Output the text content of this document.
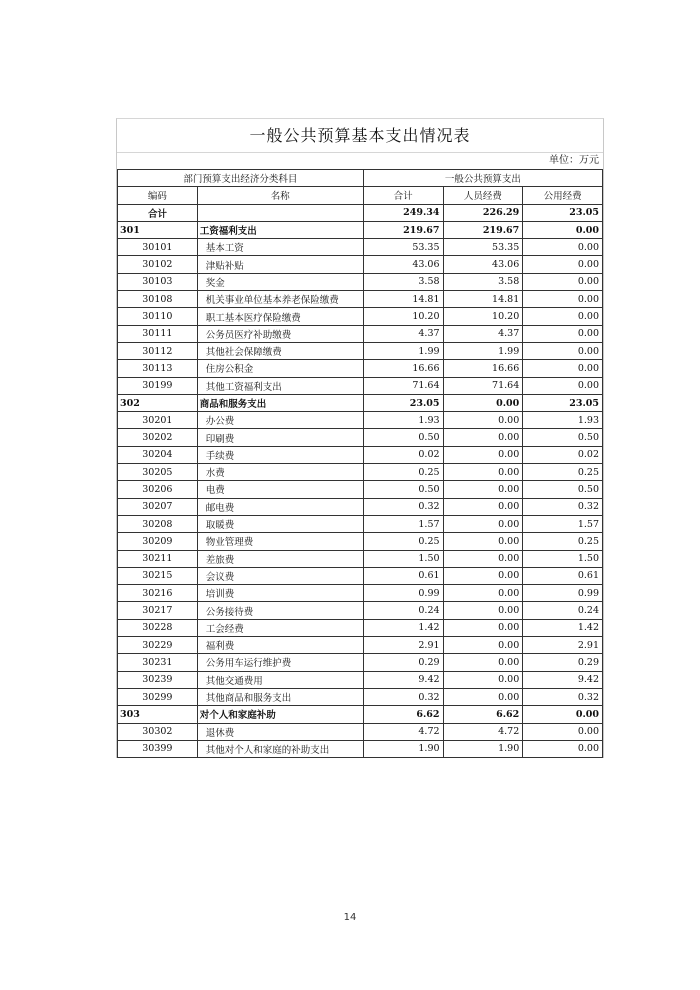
一般公共预算基本支出情况表
单位：万元
部门预算支出经济分类科目		一般公共预算支出		
编码	名称	合计	人员经费	公用经费
合计		249.34	226.29	23.05
301	工资福利支出	219.67	219.67	0.00
30101	基本工资	53.35	53.35	0.00
30102	津贴补贴	43.06	43.06	0.00
30103	奖金	3.58	3.58	0.00
30108	机关事业单位基本养老保险缴费	14.81	14.81	0.00
30110	职工基本医疗保险缴费	10.20	10.20	0.00
30111	公务员医疗补助缴费	4.37	4.37	0.00
30112	其他社会保障缴费	1.99	1.99	0.00
30113	住房公积金	16.66	16.66	0.00
30199	其他工资福利支出	71.64	71.64	0.00
302	商品和服务支出	23.05	0.00	23.05
30201	办公费	1.93	0.00	1.93
30202	印刷费	0.50	0.00	0.50
30204	手续费	0.02	0.00	0.02
30205	水费	0.25	0.00	0.25
30206	电费	0.50	0.00	0.50
30207	邮电费	0.32	0.00	0.32
30208	取暖费	1.57	0.00	1.57
30209	物业管理费	0.25	0.00	0.25
30211	差旅费	1.50	0.00	1.50
30215	会议费	0.61	0.00	0.61
30216	培训费	0.99	0.00	0.99
30217	公务接待费	0.24	0.00	0.24
30228	工会经费	1.42	0.00	1.42
30229	福利费	2.91	0.00	2.91
30231	公务用车运行维护费	0.29	0.00	0.29
30239	其他交通费用	9.42	0.00	9.42
30299	其他商品和服务支出	0.32	0.00	0.32
303	对个人和家庭补助	6.62	6.62	0.00
30302	退休费	4.72	4.72	0.00
30399	其他对个人和家庭的补助支出	1.90	1.90	0.00
14
